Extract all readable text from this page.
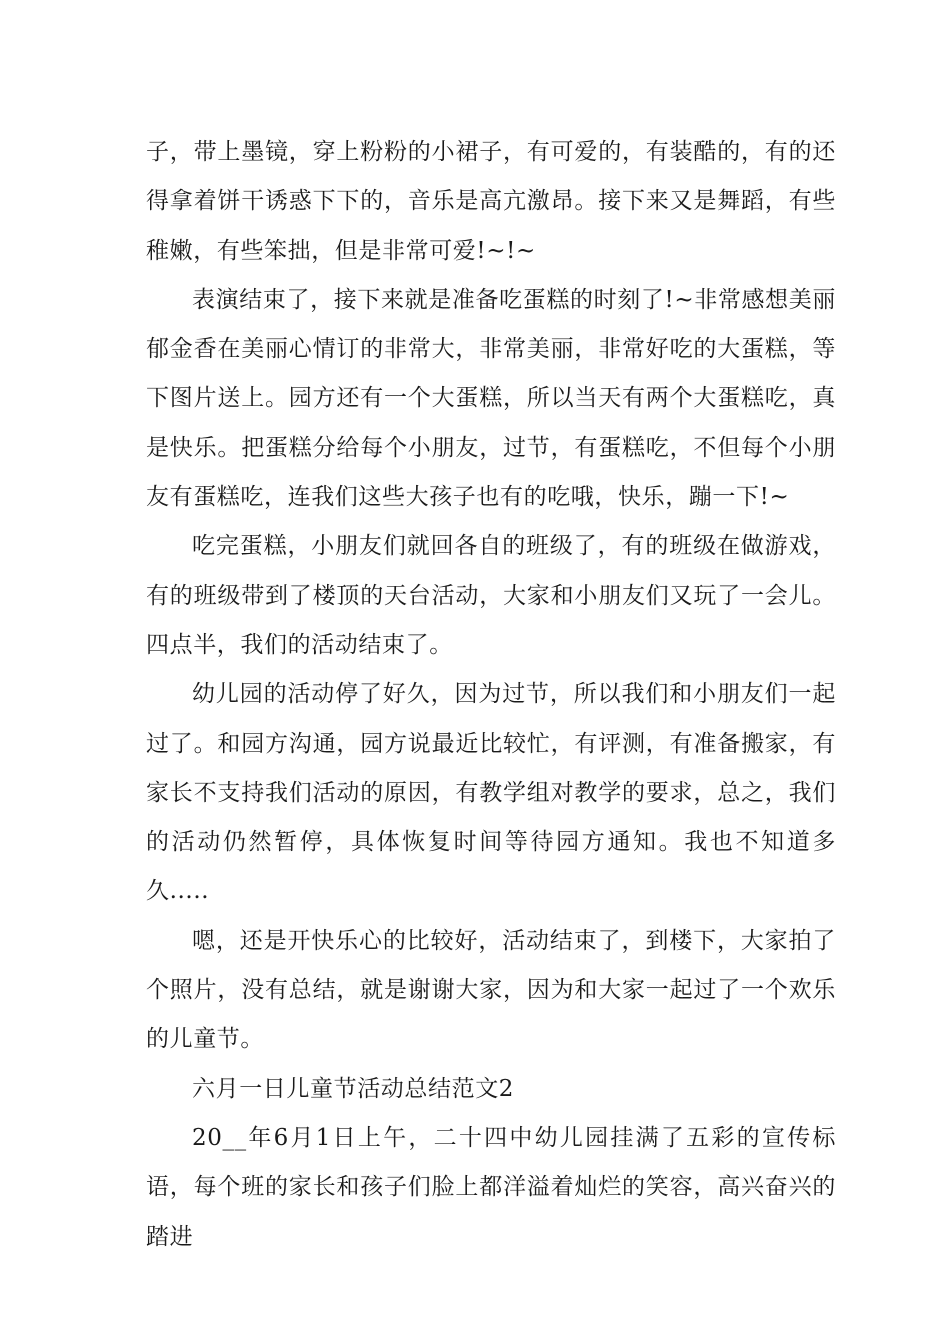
子，带上墨镜，穿上粉粉的小裙子，有可爱的，有装酷的，有的还得拿着饼干诱惑下下的，音乐是高亢激昂。接下来又是舞蹈，有些稚嫩，有些笨拙，但是非常可爱!~!~

表演结束了，接下来就是准备吃蛋糕的时刻了!~非常感想美丽郁金香在美丽心情订的非常大，非常美丽，非常好吃的大蛋糕，等下图片送上。园方还有一个大蛋糕，所以当天有两个大蛋糕吃，真是快乐。把蛋糕分给每个小朋友，过节，有蛋糕吃，不但每个小朋友有蛋糕吃，连我们这些大孩子也有的吃哦，快乐，蹦一下!~

吃完蛋糕，小朋友们就回各自的班级了，有的班级在做游戏，有的班级带到了楼顶的天台活动，大家和小朋友们又玩了一会儿。四点半，我们的活动结束了。

幼儿园的活动停了好久，因为过节，所以我们和小朋友们一起过了。和园方沟通，园方说最近比较忙，有评测，有准备搬家，有家长不支持我们活动的原因，有教学组对教学的要求，总之，我们的活动仍然暂停，具体恢复时间等待园方通知。我也不知道多久.....

嗯，还是开快乐心的比较好，活动结束了，到楼下，大家拍了个照片，没有总结，就是谢谢大家，因为和大家一起过了一个欢乐的儿童节。

六月一日儿童节活动总结范文2

20__年6月1日上午，二十四中幼儿园挂满了五彩的宣传标语，每个班的家长和孩子们脸上都洋溢着灿烂的笑容，高兴奋兴的踏进
